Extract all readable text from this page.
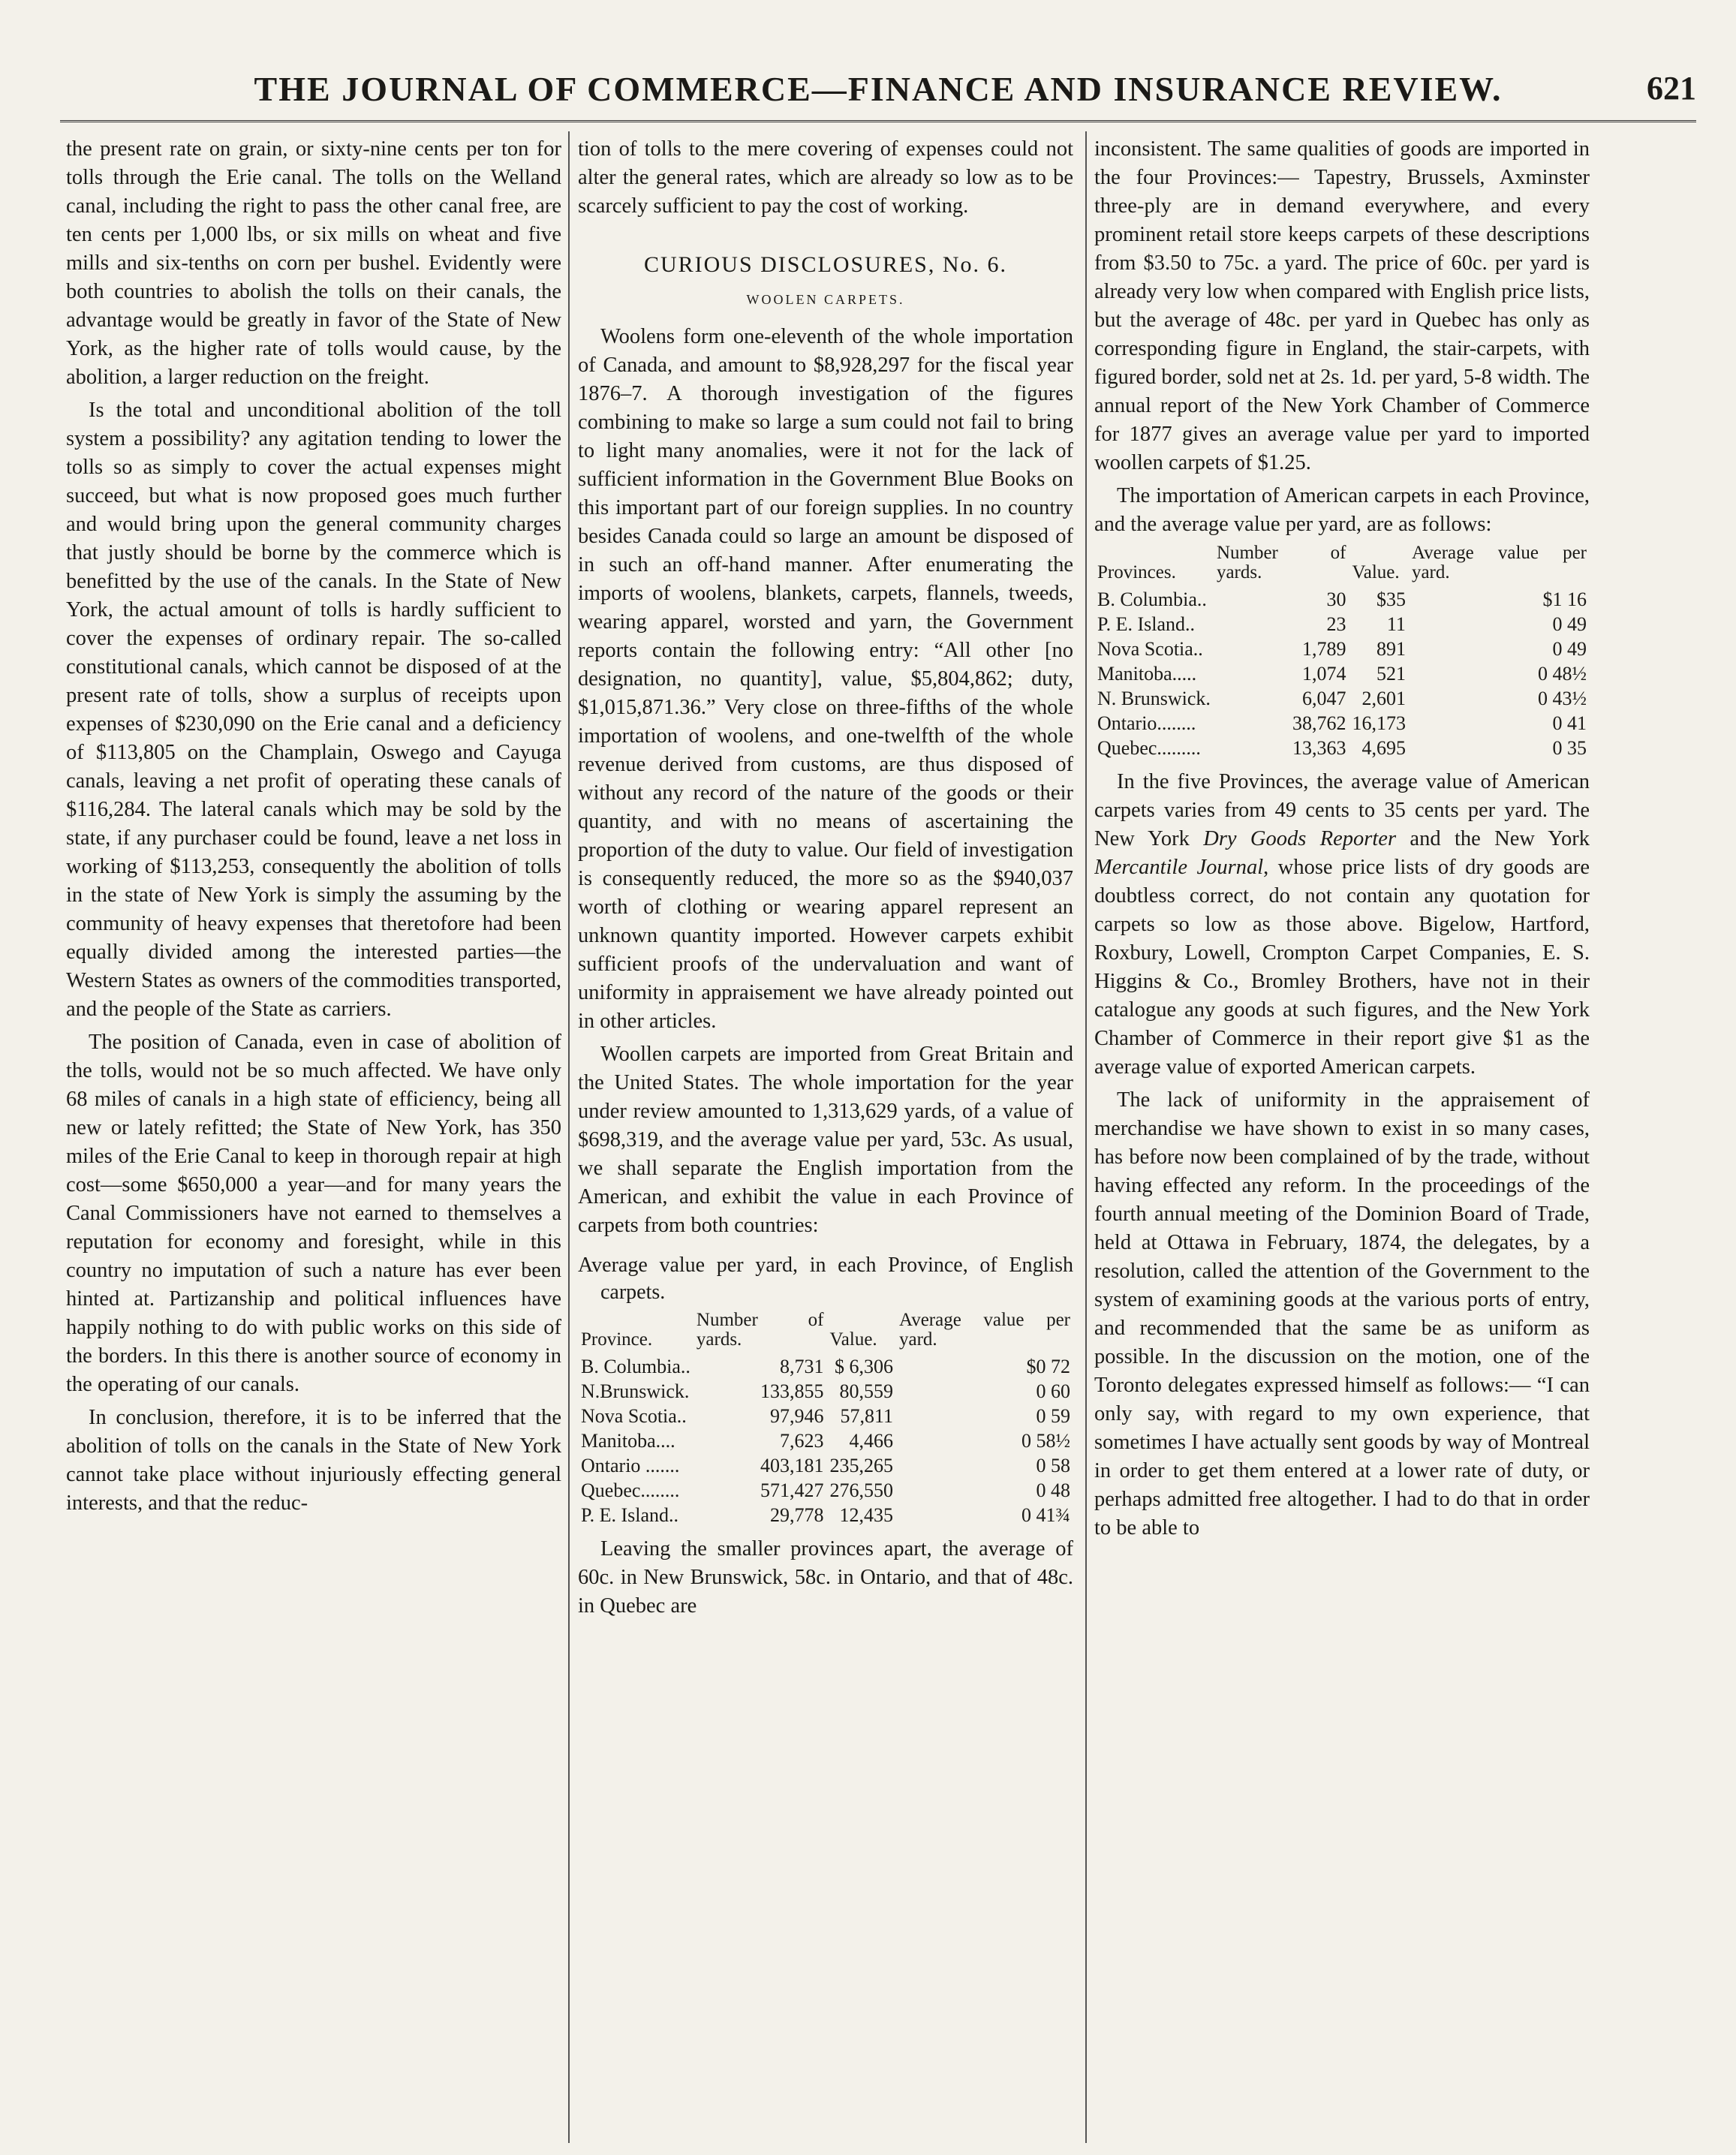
THE JOURNAL OF COMMERCE—FINANCE AND INSURANCE REVIEW.	621

the present rate on grain, or sixty-nine cents per ton for tolls through the Erie canal. The tolls on the Welland canal, including the right to pass the other canal free, are ten cents per 1,000 lbs, or six mills on wheat and five mills and six-tenths on corn per bushel. Evidently were both countries to abolish the tolls on their canals, the advantage would be greatly in favor of the State of New York, as the higher rate of tolls would cause, by the abolition, a larger reduction on the freight.

Is the total and unconditional abolition of the toll system a possibility? any agitation tending to lower the tolls so as simply to cover the actual expenses might succeed, but what is now proposed goes much further and would bring upon the general community charges that justly should be borne by the commerce which is benefitted by the use of the canals. In the State of New York, the actual amount of tolls is hardly sufficient to cover the expenses of ordinary repair. The so-called constitutional canals, which cannot be disposed of at the present rate of tolls, show a surplus of receipts upon expenses of $230,090 on the Erie canal and a deficiency of $113,805 on the Champlain, Oswego and Cayuga canals, leaving a net profit of operating these canals of $116,284. The lateral canals which may be sold by the state, if any purchaser could be found, leave a net loss in working of $113,253, consequently the abolition of tolls in the state of New York is simply the assuming by the community of heavy expenses that theretofore had been equally divided among the interested parties—the Western States as owners of the commodities transported, and the people of the State as carriers.

The position of Canada, even in case of abolition of the tolls, would not be so much affected. We have only 68 miles of canals in a high state of efficiency, being all new or lately refitted; the State of New York, has 350 miles of the Erie Canal to keep in thorough repair at high cost—some $650,000 a year—and for many years the Canal Commissioners have not earned to themselves a reputation for economy and foresight, while in this country no imputation of such a nature has ever been hinted at. Partizanship and political influences have happily nothing to do with public works on this side of the borders. In this there is another source of economy in the operating of our canals.

In conclusion, therefore, it is to be inferred that the abolition of tolls on the canals in the State of New York cannot take place without injuriously effecting general interests, and that the reduc-

tion of tolls to the mere covering of expenses could not alter the general rates, which are already so low as to be scarcely sufficient to pay the cost of working.

CURIOUS DISCLOSURES, No. 6.
WOOLEN CARPETS.

Woolens form one-eleventh of the whole importation of Canada, and amount to $8,928,297 for the fiscal year 1876–7. A thorough investigation of the figures combining to make so large a sum could not fail to bring to light many anomalies, were it not for the lack of sufficient information in the Government Blue Books on this important part of our foreign supplies. In no country besides Canada could so large an amount be disposed of in such an off-hand manner. After enumerating the imports of woolens, blankets, carpets, flannels, tweeds, wearing apparel, worsted and yarn, the Government reports contain the following entry: “All other [no designation, no quantity], value, $5,804,862; duty, $1,015,871.36.” Very close on three-fifths of the whole importation of woolens, and one-twelfth of the whole revenue derived from customs, are thus disposed of without any record of the nature of the goods or their quantity, and with no means of ascertaining the proportion of the duty to value. Our field of investigation is consequently reduced, the more so as the $940,037 worth of clothing or wearing apparel represent an unknown quantity imported. However carpets exhibit sufficient proofs of the undervaluation and want of uniformity in appraisement we have already pointed out in other articles.

Woollen carpets are imported from Great Britain and the United States. The whole importation for the year under review amounted to 1,313,629 yards, of a value of $698,319, and the average value per yard, 53c. As usual, we shall separate the English importation from the American, and exhibit the value in each Province of carpets from both countries:

Average value per yard, in each Province, of English carpets.
Province.	Number of yards.	Value.	Average value per yard.
B. Columbia..	8,731	$ 6,306	$0 72
N.Brunswick.	133,855	80,559	0 60
Nova Scotia..	97,946	57,811	0 59
Manitoba....	7,623	4,466	0 58½
Ontario .......	403,181	235,265	0 58
Quebec........	571,427	276,550	0 48
P. E. Island..	29,778	12,435	0 41¾

Leaving the smaller provinces apart, the average of 60c. in New Brunswick, 58c. in Ontario, and that of 48c. in Quebec are

inconsistent. The same qualities of goods are imported in the four Provinces:— Tapestry, Brussels, Axminster three-ply are in demand everywhere, and every prominent retail store keeps carpets of these descriptions from $3.50 to 75c. a yard. The price of 60c. per yard is already very low when compared with English price lists, but the average of 48c. per yard in Quebec has only as corresponding figure in England, the stair-carpets, with figured border, sold net at 2s. 1d. per yard, 5-8 width. The annual report of the New York Chamber of Commerce for 1877 gives an average value per yard to imported woollen carpets of $1.25.

The importation of American carpets in each Province, and the average value per yard, are as follows:

Provinces.	Number of yards.	Value.	Average value per yard.
B. Columbia..	30	$35	$1 16
P. E. Island..	23	11	0 49
Nova Scotia..	1,789	891	0 49
Manitoba.....	1,074	521	0 48½
N. Brunswick.	6,047	2,601	0 43½
Ontario........	38,762	16,173	0 41
Quebec.........	13,363	4,695	0 35

In the five Provinces, the average value of American carpets varies from 49 cents to 35 cents per yard. The New York Dry Goods Reporter and the New York Mercantile Journal, whose price lists of dry goods are doubtless correct, do not contain any quotation for carpets so low as those above. Bigelow, Hartford, Roxbury, Lowell, Crompton Carpet Companies, E. S. Higgins & Co., Bromley Brothers, have not in their catalogue any goods at such figures, and the New York Chamber of Commerce in their report give $1 as the average value of exported American carpets.

The lack of uniformity in the appraisement of merchandise we have shown to exist in so many cases, has before now been complained of by the trade, without having effected any reform. In the proceedings of the fourth annual meeting of the Dominion Board of Trade, held at Ottawa in February, 1874, the delegates, by a resolution, called the attention of the Government to the system of examining goods at the various ports of entry, and recommended that the same be as uniform as possible. In the discussion on the motion, one of the Toronto delegates expressed himself as follows:— “I can only say, with regard to my own experience, that sometimes I have actually sent goods by way of Montreal in order to get them entered at a lower rate of duty, or perhaps admitted free altogether. I had to do that in order to be able to
